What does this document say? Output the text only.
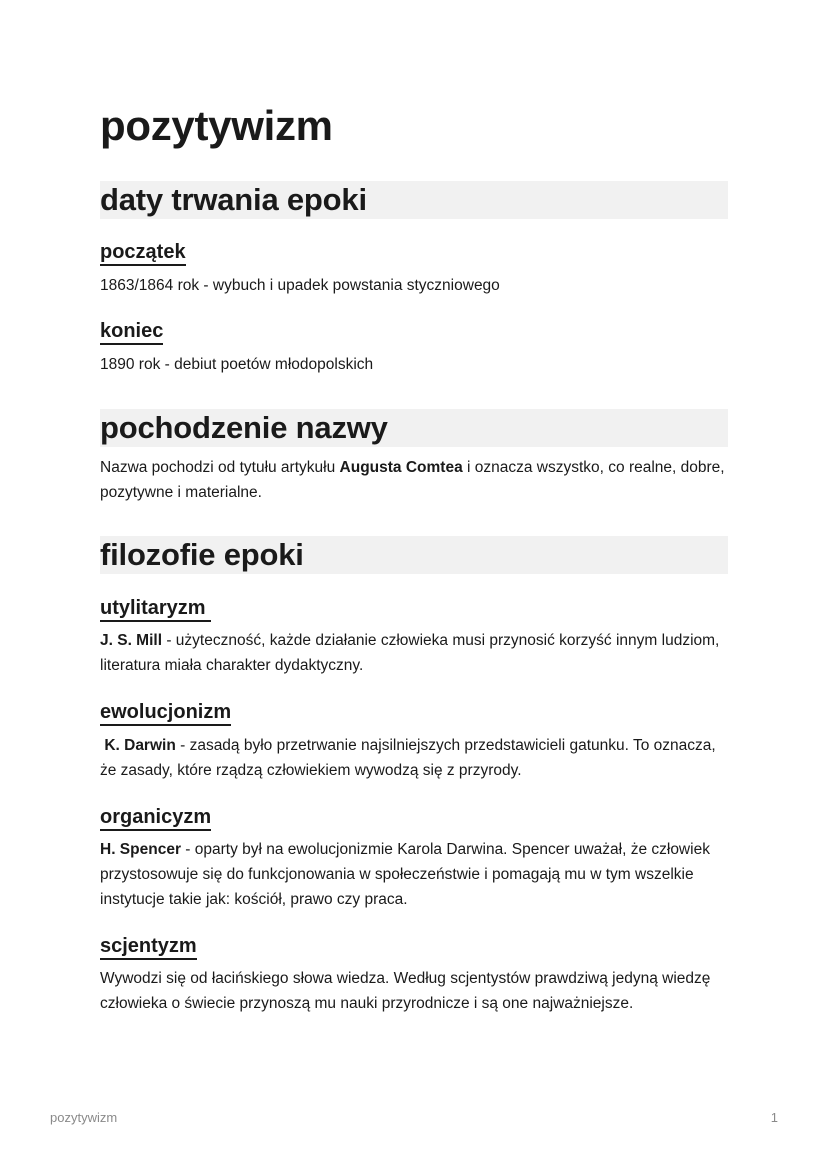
pozytywizm
daty trwania epoki
początek

1863/1864 rok - wybuch i upadek powstania styczniowego

koniec

1890 rok - debiut poetów młodopolskich

pochodzenie nazwy

Nazwa pochodzi od tytułu artykułu Augusta Comtea i oznacza wszystko, co realne, dobre, pozytywne i materialne.

filozofie epoki
utylitaryzm

J. S. Mill - użyteczność, każde działanie człowieka musi przynosić korzyść innym ludziom, literatura miała charakter dydaktyczny.

ewolucjonizm

K. Darwin - zasadą było przetrwanie najsilniejszych przedstawicieli gatunku. To oznacza, że zasady, które rządzą człowiekiem wywodzą się z przyrody.

organicyzm

H. Spencer - oparty był na ewolucjonizmie Karola Darwina. Spencer uważał, że człowiek przystosowuje się do funkcjonowania w społeczeństwie i pomagają mu w tym wszelkie instytucje takie jak: kościół, prawo czy praca.

scjentyzm

Wywodzi się od łacińskiego słowa wiedza. Według scjentystów prawdziwą jedyną wiedzę człowieka o świecie przynoszą mu nauki przyrodnicze i są one najważniejsze.

pozytywizm	1
